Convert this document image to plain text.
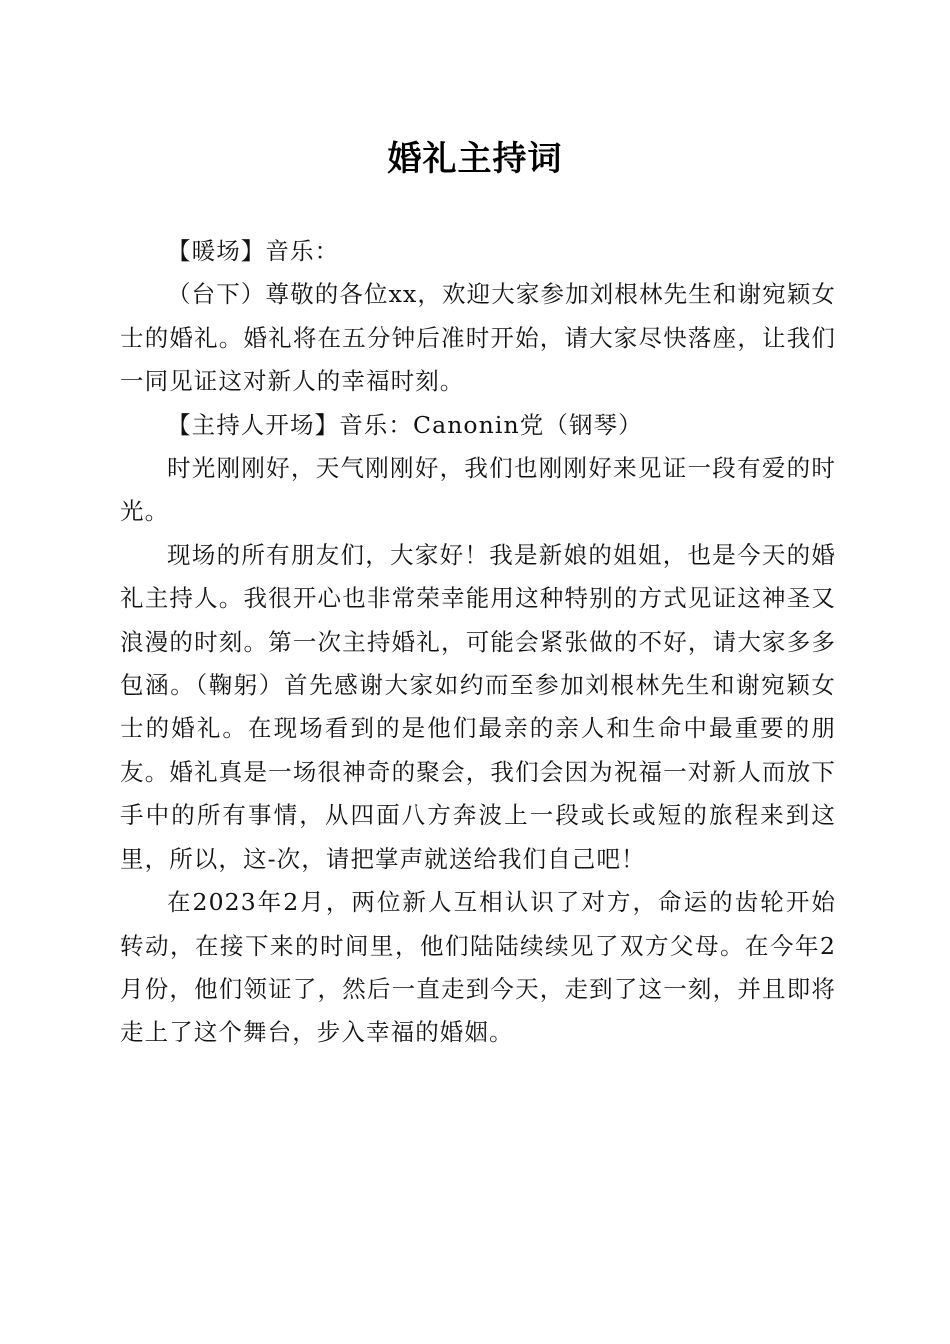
婚礼主持词

【暖场】音乐：

（台下）尊敬的各位xx，欢迎大家参加刘根林先生和谢宛颖女士的婚礼。婚礼将在五分钟后准时开始，请大家尽快落座，让我们一同见证这对新人的幸福时刻。

【主持人开场】音乐：Canonin党（钢琴）

时光刚刚好，天气刚刚好，我们也刚刚好来见证一段有爱的时光。

现场的所有朋友们，大家好！我是新娘的姐姐，也是今天的婚礼主持人。我很开心也非常荣幸能用这种特别的方式见证这神圣又浪漫的时刻。第一次主持婚礼，可能会紧张做的不好，请大家多多包涵。（鞠躬）首先感谢大家如约而至参加刘根林先生和谢宛颖女士的婚礼。在现场看到的是他们最亲的亲人和生命中最重要的朋友。婚礼真是一场很神奇的聚会，我们会因为祝福一对新人而放下手中的所有事情，从四面八方奔波上一段或长或短的旅程来到这里，所以，这-次，请把掌声就送给我们自己吧！

在2023年2月，两位新人互相认识了对方，命运的齿轮开始转动，在接下来的时间里，他们陆陆续续见了双方父母。在今年2月份，他们领证了，然后一直走到今天，走到了这一刻，并且即将走上了这个舞台，步入幸福的婚姻。
